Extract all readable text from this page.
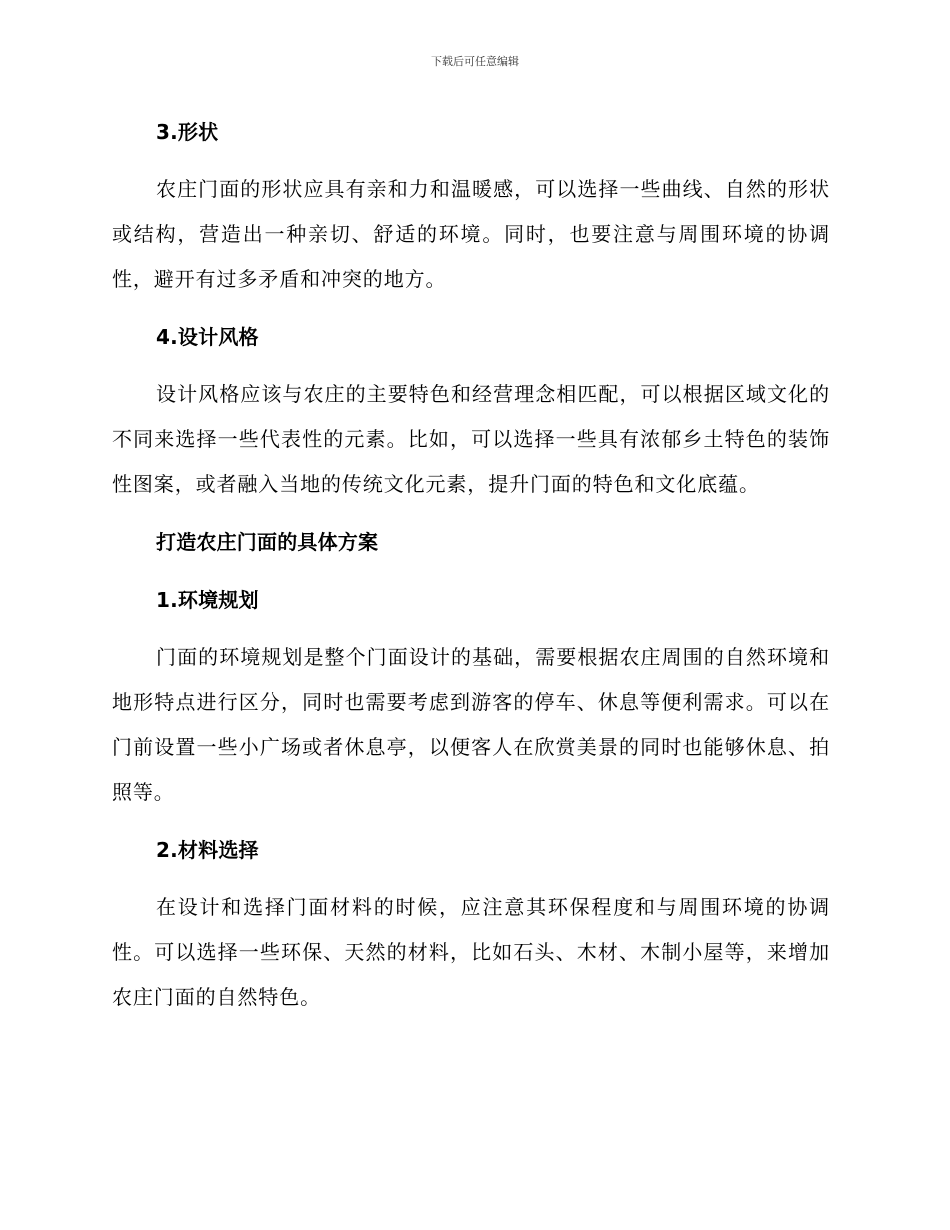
下载后可任意编辑

3.形状

农庄门面的形状应具有亲和力和温暖感，可以选择一些曲线、自然的形状或结构，营造出一种亲切、舒适的环境。同时，也要注意与周围环境的协调性，避开有过多矛盾和冲突的地方。

4.设计风格

设计风格应该与农庄的主要特色和经营理念相匹配，可以根据区域文化的不同来选择一些代表性的元素。比如，可以选择一些具有浓郁乡土特色的装饰性图案，或者融入当地的传统文化元素，提升门面的特色和文化底蕴。

打造农庄门面的具体方案

1.环境规划

门面的环境规划是整个门面设计的基础，需要根据农庄周围的自然环境和地形特点进行区分，同时也需要考虑到游客的停车、休息等便利需求。可以在门前设置一些小广场或者休息亭，以便客人在欣赏美景的同时也能够休息、拍照等。

2.材料选择

在设计和选择门面材料的时候，应注意其环保程度和与周围环境的协调性。可以选择一些环保、天然的材料，比如石头、木材、木制小屋等，来增加农庄门面的自然特色。
